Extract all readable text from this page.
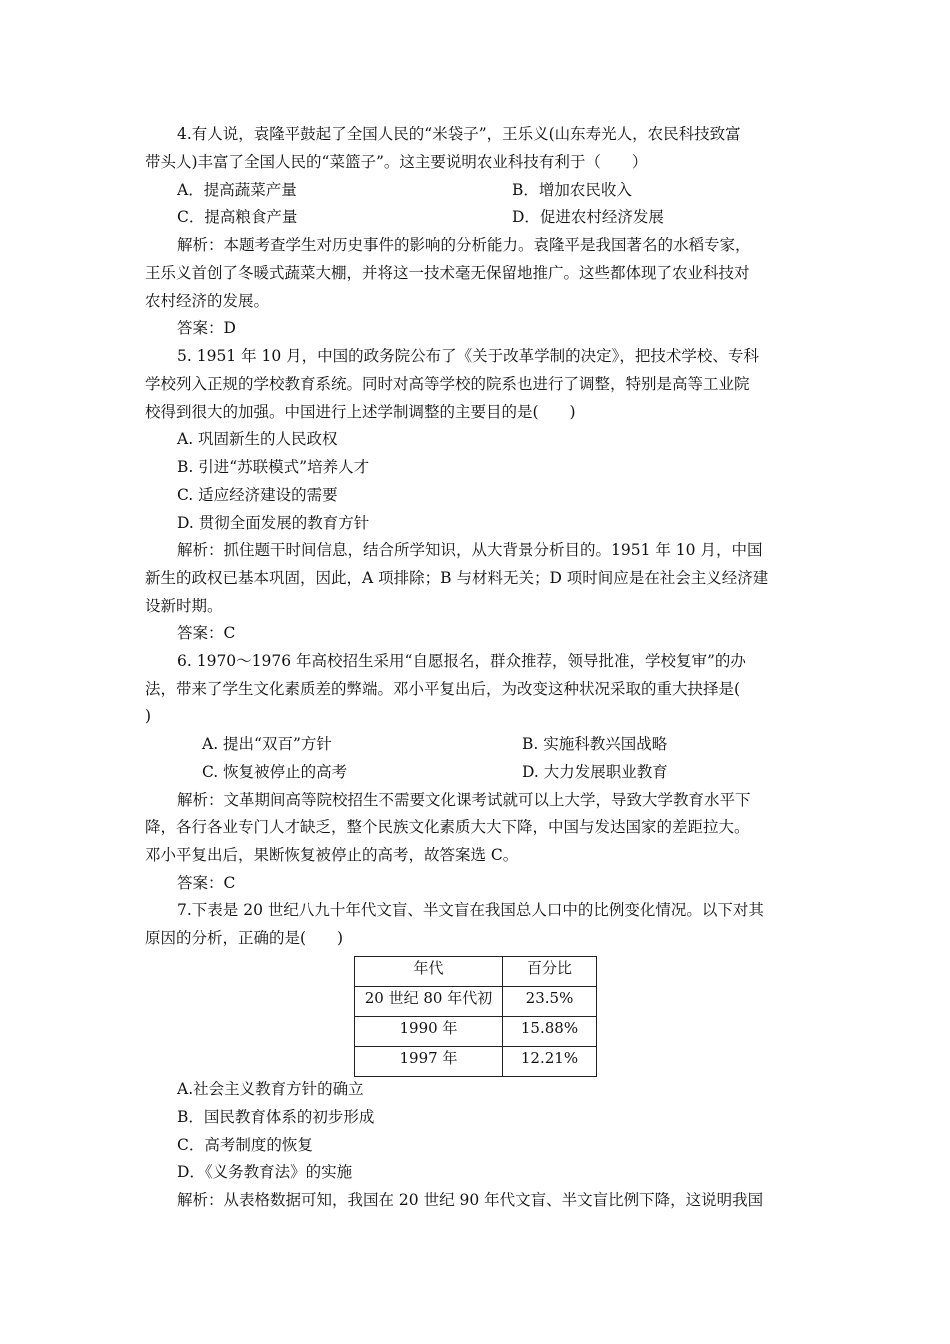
4.有人说，袁隆平鼓起了全国人民的“米袋子”，王乐义(山东寿光人，农民科技致富
带头人)丰富了全国人民的“菜篮子”。这主要说明农业科技有利于（　　）
A．提高蔬菜产量	B．增加农民收入
C．提高粮食产量	D．促进农村经济发展
解析：本题考查学生对历史事件的影响的分析能力。袁隆平是我国著名的水稻专家，
王乐义首创了冬暖式蔬菜大棚，并将这一技术毫无保留地推广。这些都体现了农业科技对
农村经济的发展。
答案：D
5. 1951 年 10 月，中国的政务院公布了《关于改革学制的决定》，把技术学校、专科
学校列入正规的学校教育系统。同时对高等学校的院系也进行了调整，特别是高等工业院
校得到很大的加强。中国进行上述学制调整的主要目的是(　　)
A. 巩固新生的人民政权
B. 引进“苏联模式”培养人才
C. 适应经济建设的需要
D. 贯彻全面发展的教育方针
解析：抓住题干时间信息，结合所学知识，从大背景分析目的。1951 年 10 月，中国
新生的政权已基本巩固，因此，A 项排除；B 与材料无关；D 项时间应是在社会主义经济建
设新时期。
答案：C
6. 1970～1976 年高校招生采用“自愿报名，群众推荐，领导批准，学校复审”的办
法，带来了学生文化素质差的弊端。邓小平复出后，为改变这种状况采取的重大抉择是(
)
A. 提出“双百”方针	B. 实施科教兴国战略
C. 恢复被停止的高考	D. 大力发展职业教育
解析：文革期间高等院校招生不需要文化课考试就可以上大学，导致大学教育水平下
降，各行各业专门人才缺乏，整个民族文化素质大大下降，中国与发达国家的差距拉大。
邓小平复出后，果断恢复被停止的高考，故答案选 C。
答案：C
7.下表是 20 世纪八九十年代文盲、半文盲在我国总人口中的比例变化情况。以下对其
原因的分析，正确的是(　　)
年代	百分比
20 世纪 80 年代初	23.5%
1990 年	15.88%
1997 年	12.21%
A.社会主义教育方针的确立
B．国民教育体系的初步形成
C．高考制度的恢复
D．《义务教育法》的实施
解析：从表格数据可知，我国在 20 世纪 90 年代文盲、半文盲比例下降，这说明我国
